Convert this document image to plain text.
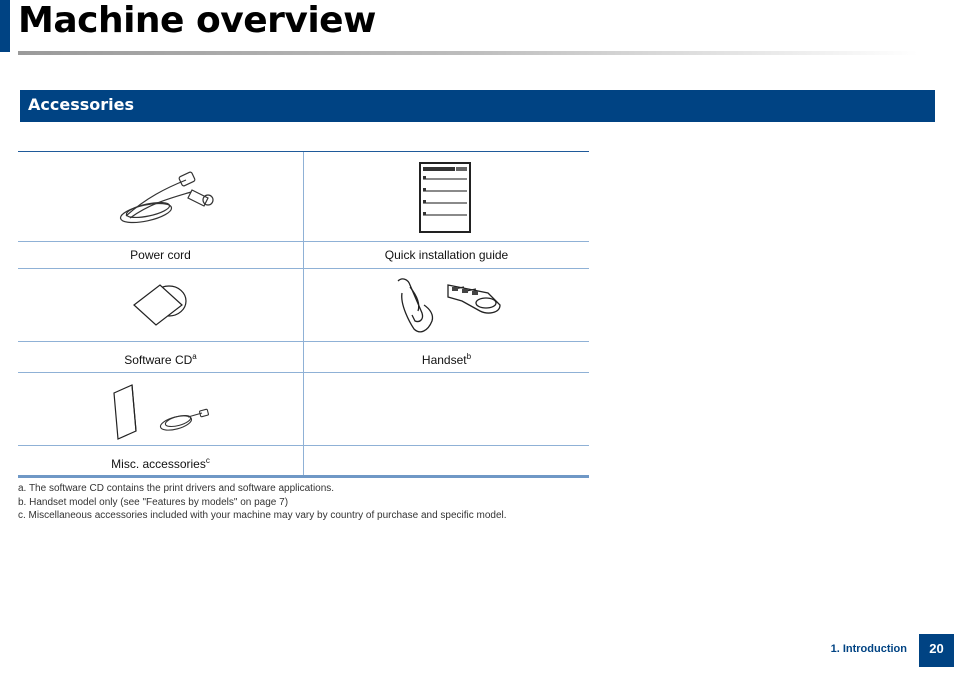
Machine overview
Accessories
Power cord	Quick installation guide
Software $CD^a$	Handset$^b$
Misc. accessories$^c$
a. The software CD contains the print drivers and software applications.
b. Handset model only (see "Features by models" on page 7)
c. Miscellaneous accessories included with your machine may vary by country of purchase and specific model.
1. Introduction	20
